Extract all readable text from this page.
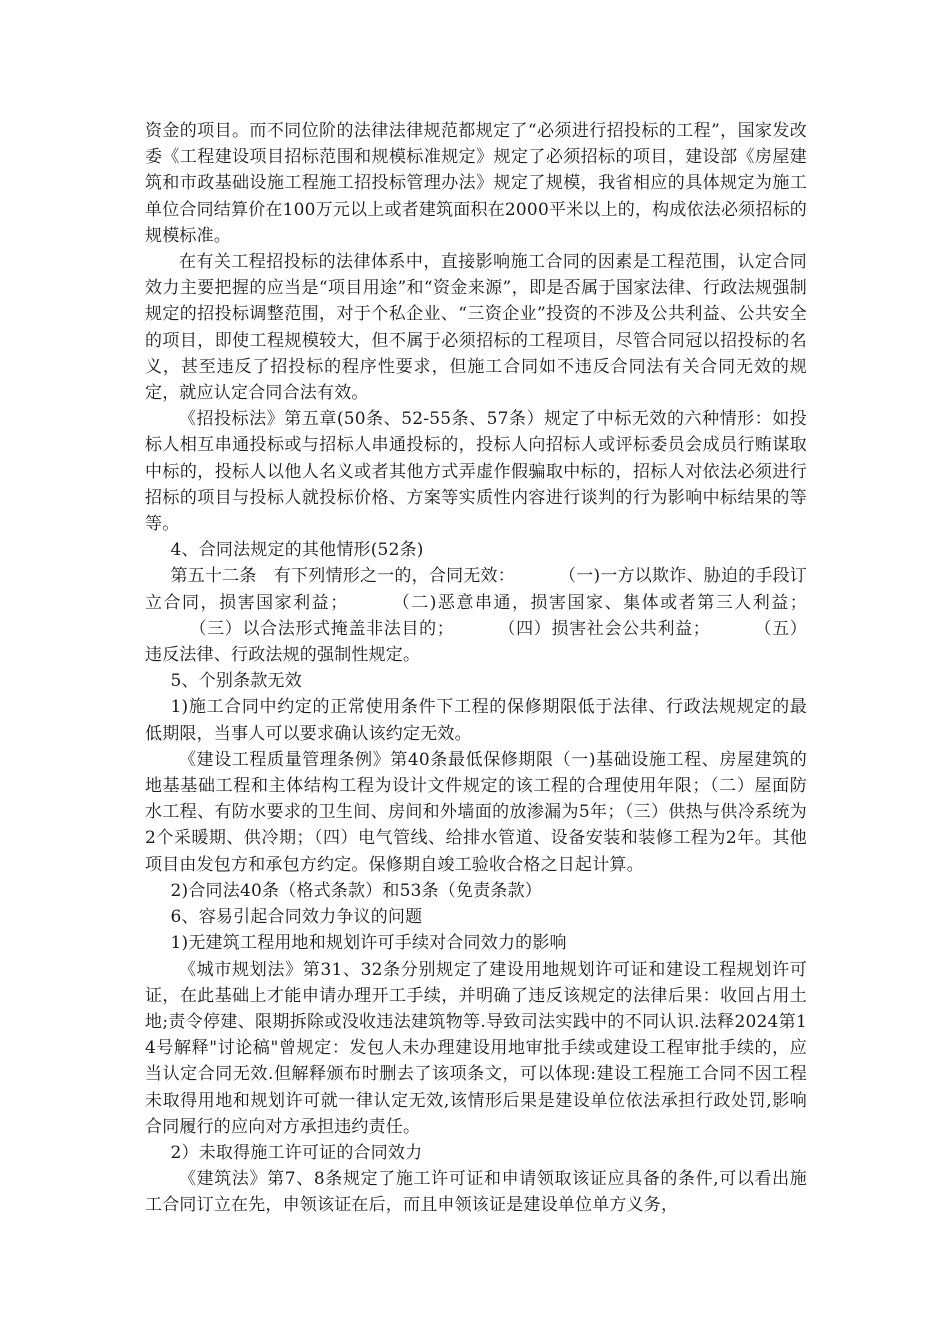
资金的项目。而不同位阶的法律法律规范都规定了“必须进行招投标的工程”，国家发改委《工程建设项目招标范围和规模标准规定》规定了必须招标的项目，建设部《房屋建筑和市政基础设施工程施工招投标管理办法》规定了规模，我省相应的具体规定为施工单位合同结算价在100万元以上或者建筑面积在2000平米以上的，构成依法必须招标的规模标准。

在有关工程招投标的法律体系中，直接影响施工合同的因素是工程范围，认定合同效力主要把握的应当是“项目用途”和“资金来源”，即是否属于国家法律、行政法规强制规定的招投标调整范围，对于个私企业、“三资企业”投资的不涉及公共利益、公共安全的项目，即使工程规模较大，但不属于必须招标的工程项目，尽管合同冠以招投标的名义，甚至违反了招投标的程序性要求，但施工合同如不违反合同法有关合同无效的规定，就应认定合同合法有效。

《招投标法》第五章(50条、52-55条、57条）规定了中标无效的六种情形：如投标人相互串通投标或与招标人串通投标的，投标人向招标人或评标委员会成员行贿谋取中标的，投标人以他人名义或者其他方式弄虚作假骗取中标的，招标人对依法必须进行招标的项目与投标人就投标价格、方案等实质性内容进行谈判的行为影响中标结果的等等。

4、合同法规定的其他情形(52条)

第五十二条　有下列情形之一的，合同无效：	（一)一方以欺诈、胁迫的手段订立合同，损害国家利益；	（二)恶意串通，损害国家、集体或者第三人利益；（三）以合法形式掩盖非法目的；	（四）损害社会公共利益；	（五）违反法律、行政法规的强制性规定。

5、个别条款无效

1)施工合同中约定的正常使用条件下工程的保修期限低于法律、行政法规规定的最低期限，当事人可以要求确认该约定无效。

《建设工程质量管理条例》第40条最低保修期限（一)基础设施工程、房屋建筑的地基基础工程和主体结构工程为设计文件规定的该工程的合理使用年限；（二）屋面防水工程、有防水要求的卫生间、房间和外墙面的放渗漏为5年；（三）供热与供冷系统为2个采暖期、供冷期；（四）电气管线、给排水管道、设备安装和装修工程为2年。其他项目由发包方和承包方约定。保修期自竣工验收合格之日起计算。

2)合同法40条（格式条款）和53条（免责条款）

6、容易引起合同效力争议的问题

1)无建筑工程用地和规划许可手续对合同效力的影响

《城市规划法》第31、32条分别规定了建设用地规划许可证和建设工程规划许可证，在此基础上才能申请办理开工手续，并明确了违反该规定的法律后果：收回占用土地;责令停建、限期拆除或没收违法建筑物等.导致司法实践中的不同认识.法释2024第14号解释"讨论稿"曾规定：发包人未办理建设用地审批手续或建设工程审批手续的，应当认定合同无效.但解释颁布时删去了该项条文，可以体现:建设工程施工合同不因工程未取得用地和规划许可就一律认定无效,该情形后果是建设单位依法承担行政处罚,影响合同履行的应向对方承担违约责任。

2）未取得施工许可证的合同效力

《建筑法》第7、8条规定了施工许可证和申请领取该证应具备的条件,可以看出施工合同订立在先，申领该证在后，而且申领该证是建设单位单方义务，
